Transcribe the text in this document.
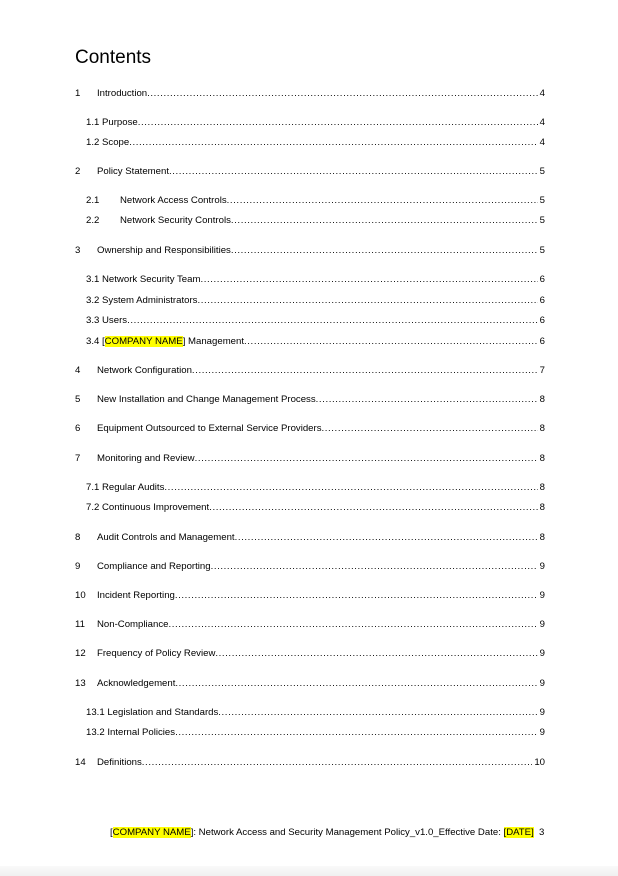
Contents
1 Introduction .....	4
1.1 Purpose .....	4
1.2 Scope .....	4
2 Policy Statement .....	5
2.1 Network Access Controls .....	5
2.2 Network Security Controls .....	5
3 Ownership and Responsibilities .....	5
3.1 Network Security Team .....	6
3.2 System Administrators .....	6
3.3 Users .....	6
3.4 [COMPANY NAME] Management .....	6
4 Network Configuration .....	7
5 New Installation and Change Management Process .....	8
6 Equipment Outsourced to External Service Providers .....	8
7 Monitoring and Review .....	8
7.1 Regular Audits .....	8
7.2 Continuous Improvement .....	8
8 Audit Controls and Management .....	8
9 Compliance and Reporting .....	9
10 Incident Reporting .....	9
11 Non-Compliance .....	9
12 Frequency of Policy Review .....	9
13 Acknowledgement .....	9
13.1 Legislation and Standards .....	9
13.2 Internal Policies .....	9
14 Definitions .....	10
[COMPANY NAME]: Network Access and Security Management Policy_v1.0_Effective Date: [DATE] 3
